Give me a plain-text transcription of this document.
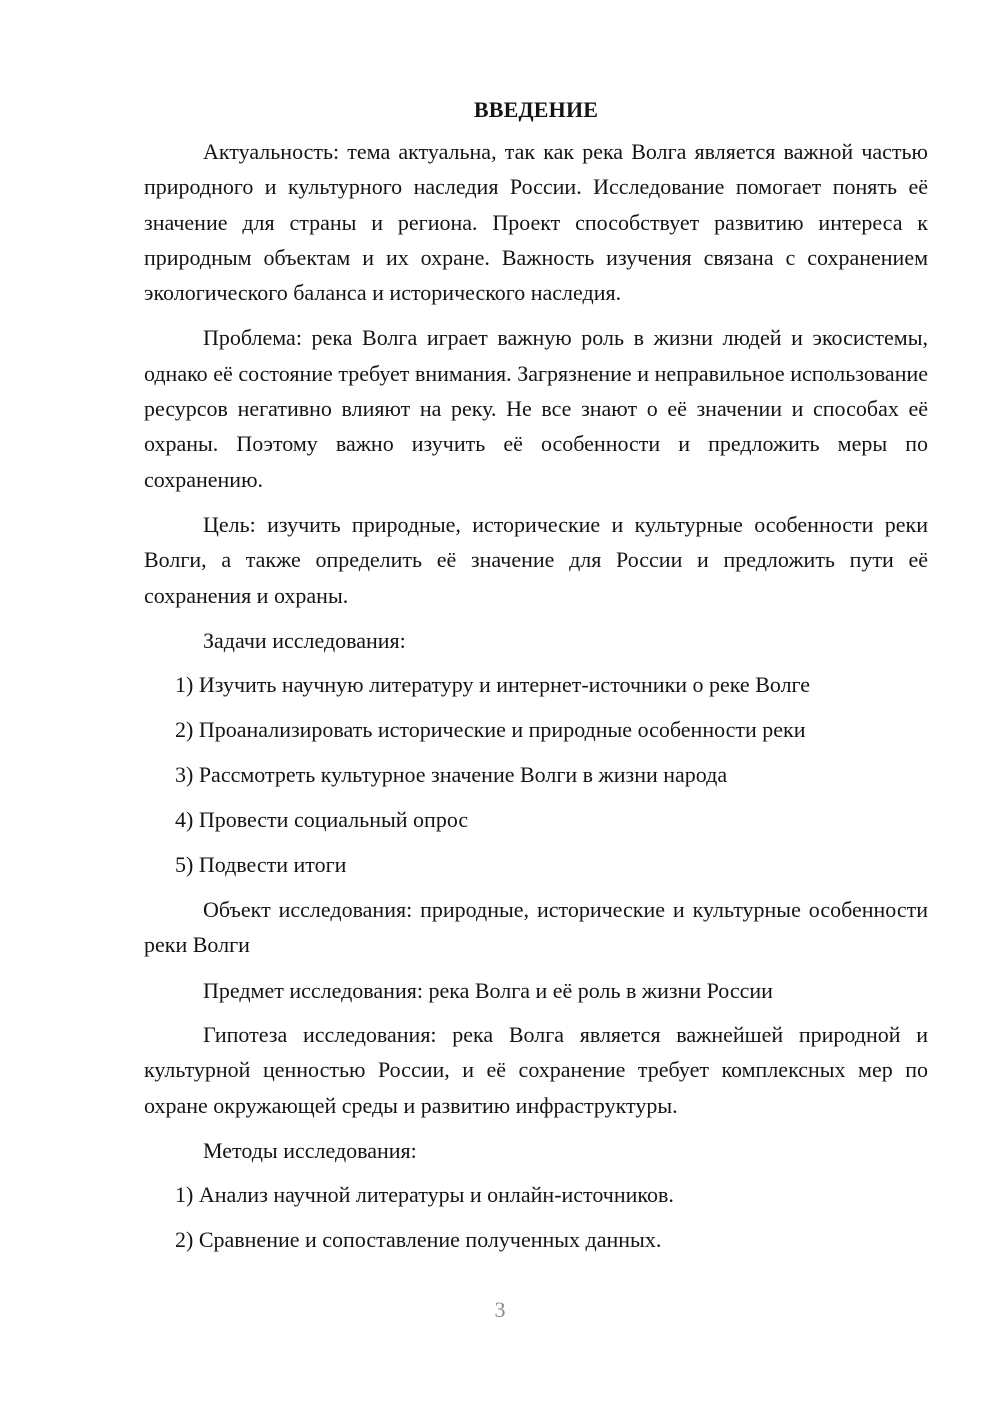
ВВЕДЕНИЕ

Актуальность: тема актуальна, так как река Волга является важной частью природного и культурного наследия России. Исследование помогает понять её значение для страны и региона. Проект способствует развитию интереса к природным объектам и их охране. Важность изучения связана с сохранением экологического баланса и исторического наследия.

Проблема: река Волга играет важную роль в жизни людей и экосистемы, однако её состояние требует внимания. Загрязнение и неправильное использование ресурсов негативно влияют на реку. Не все знают о её значении и способах её охраны. Поэтому важно изучить её особенности и предложить меры по сохранению.

Цель: изучить природные, исторические и культурные особенности реки Волги, а также определить её значение для России и предложить пути её сохранения и охраны.

Задачи исследования:

1) Изучить научную литературу и интернет-источники о реке Волге
2) Проанализировать исторические и природные особенности реки
3) Рассмотреть культурное значение Волги в жизни народа
4) Провести социальный опрос
5) Подвести итоги

Объект исследования: природные, исторические и культурные особенности реки Волги

Предмет исследования: река Волга и её роль в жизни России

Гипотеза исследования: река Волга является важнейшей природной и культурной ценностью России, и её сохранение требует комплексных мер по охране окружающей среды и развитию инфраструктуры.

Методы исследования:

1) Анализ научной литературы и онлайн-источников.
2) Сравнение и сопоставление полученных данных.
3
